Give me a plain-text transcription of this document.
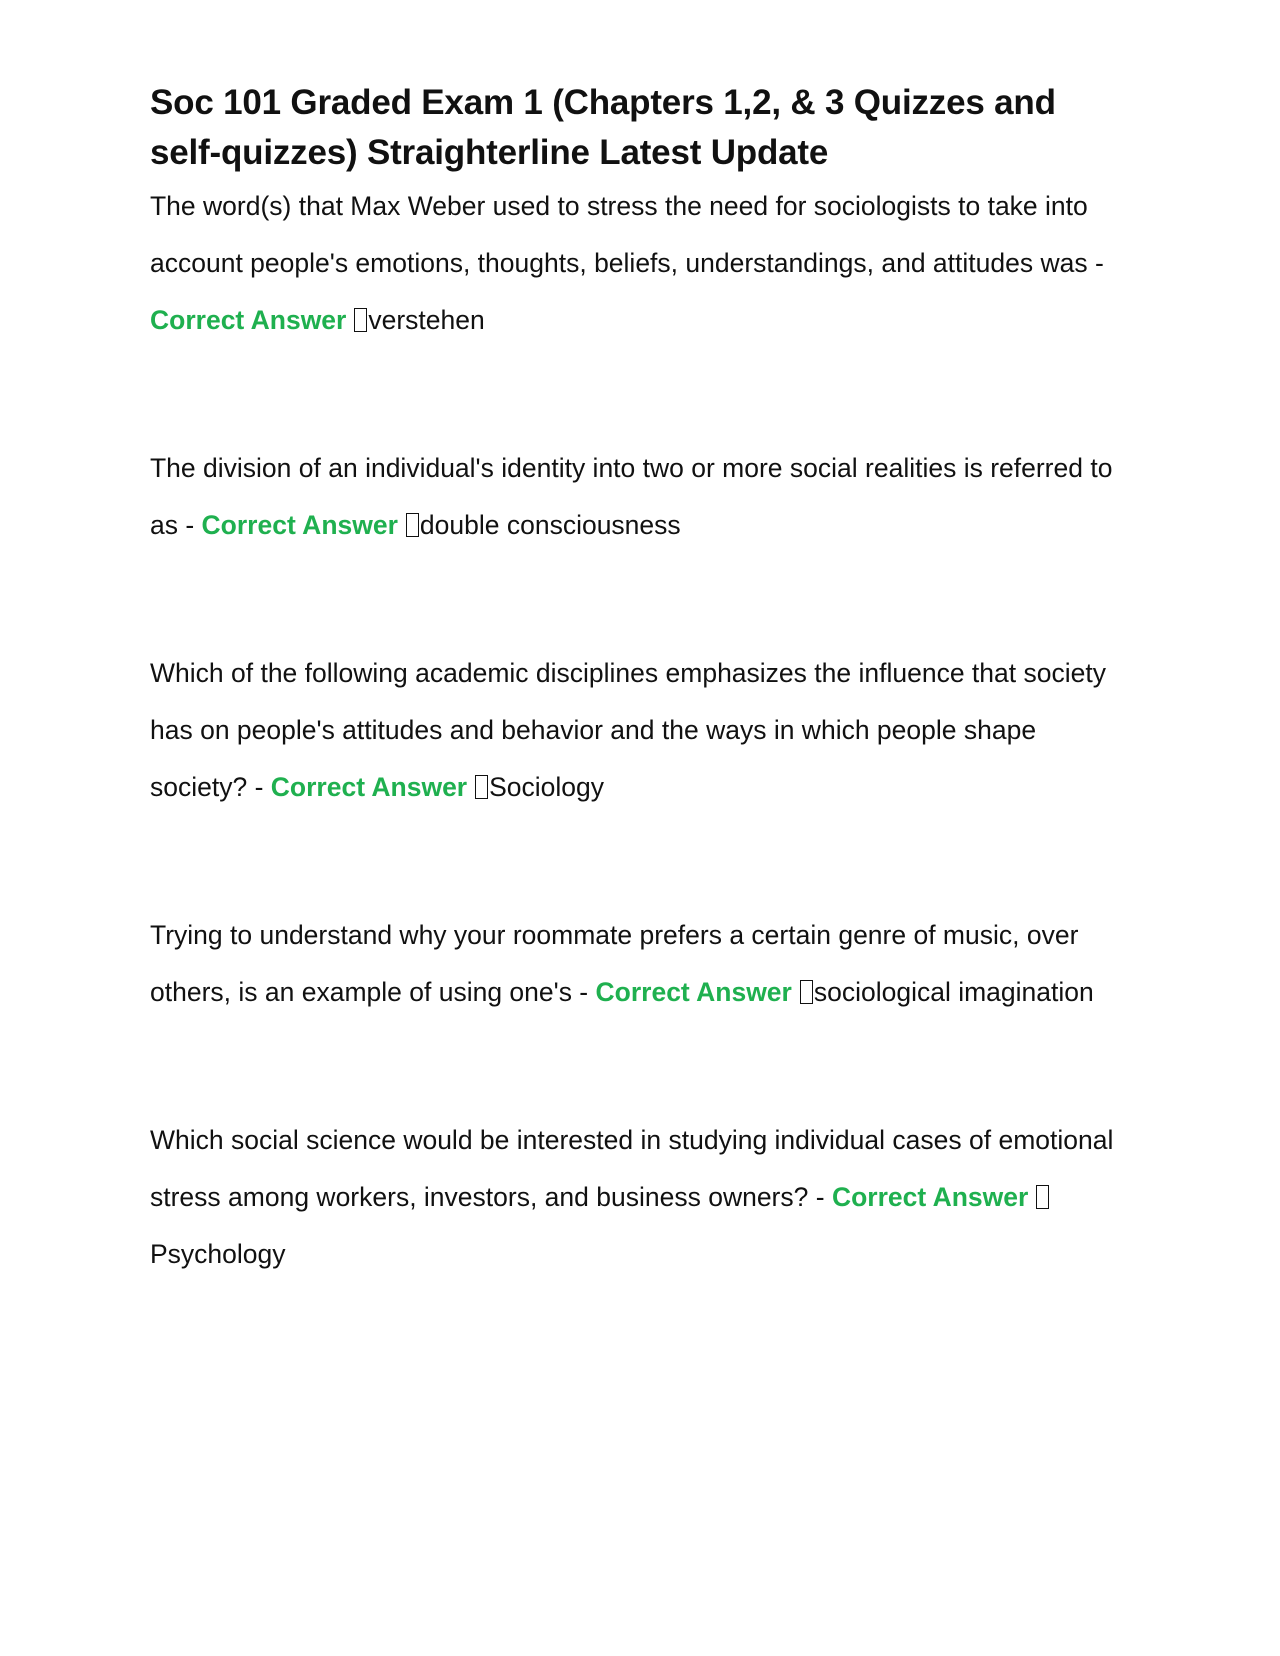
Soc 101 Graded Exam 1 (Chapters 1,2, & 3 Quizzes and self-quizzes) Straighterline Latest Update

The word(s) that Max Weber used to stress the need for sociologists to take into account people's emotions, thoughts, beliefs, understandings, and attitudes was - Correct Answer verstehen

The division of an individual's identity into two or more social realities is referred to as - Correct Answer double consciousness

Which of the following academic disciplines emphasizes the influence that society has on people's attitudes and behavior and the ways in which people shape society? - Correct Answer Sociology

Trying to understand why your roommate prefers a certain genre of music, over others, is an example of using one's - Correct Answer sociological imagination

Which social science would be interested in studying individual cases of emotional stress among workers, investors, and business owners? - Correct AnswerPsychology
